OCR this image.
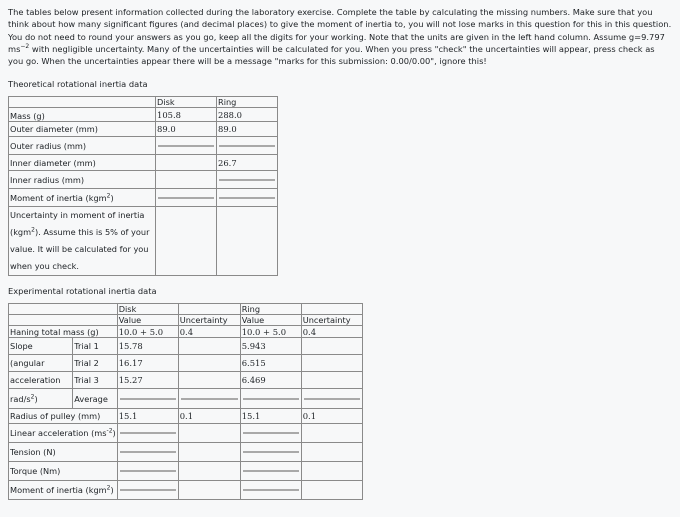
The tables below present information collected during the laboratory exercise. Complete the table by calculating the missing numbers. Make sure that you think about how many significant figures (and decimal places) to give the moment of inertia to, you will not lose marks in this question for this in this question. You do not need to round your answers as you go, keep all the digits for your working. Note that the units are given in the left hand column. Assume g=9.797 $ms^{-2}$ with negligible uncertainty. Many of the uncertainties will be calculated for you. When you press "check" the uncertainties will appear, press check as you go. When the uncertainties appear there will be a message "marks for this submission: 0.00/0.00", ignore this!

Theoretical rotational inertia data

	Disk	Ring
Mass (g)	105.8	288.0
Outer diameter (mm)	89.0	89.0
Outer radius (mm)	

Inner diameter (mm)		26.7
Inner radius (mm)		

Moment of inertia (kgm$^2$)	

Uncertainty in moment of inertia (kgm$^2$). Assume this is 5% of your value. It will be calculated for you when you check.		

Experimental rotational inertia data

		Disk		Ring	
		Value	Uncertainty	Value	Uncertainty
Haning total mass (g)		10.0 + 5.0	0.4	10.0 + 5.0	0.4
Slope	Trial 1	15.78		5.943	
(angular	Trial 2	16.17		6.515	
acceleration	Trial 3	15.27		6.469	
rad/$s^2$)	Average	

Radius of pulley (mm)		15.1	0.1	15.1	0.1
Linear acceleration $(ms^{-2})$		

Tension (N)		

Torque (Nm)		

Moment of inertia (kgm$^2$)		
